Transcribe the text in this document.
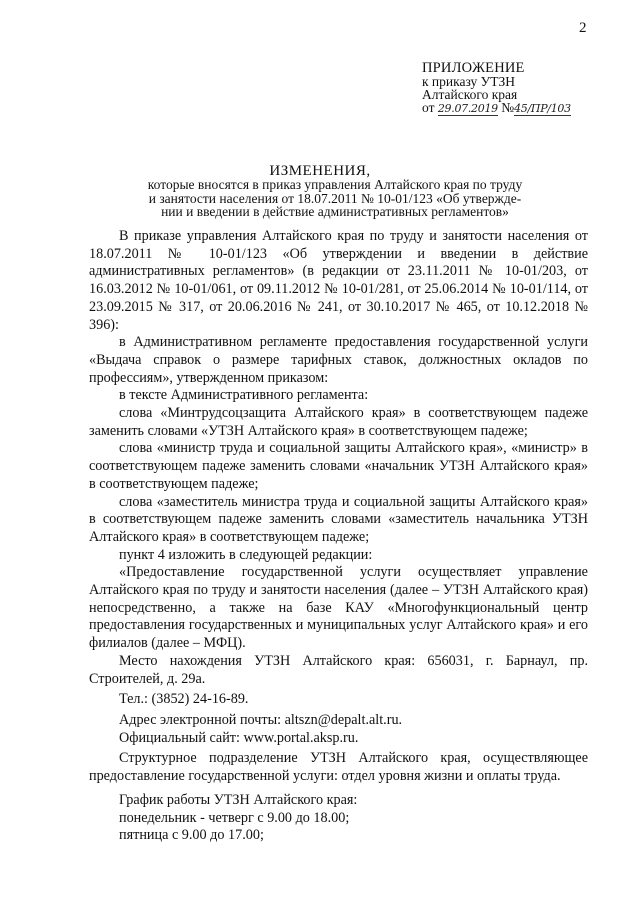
2
ПРИЛОЖЕНИЕ
к приказу УТЗН
Алтайского края
от 29.07.2019 №45/ПР/103
ИЗМЕНЕНИЯ,
которые вносятся в приказ управления Алтайского края по труду
и занятости населения от 18.07.2011 № 10-01/123 «Об утвержде-
нии и введении в действие административных регламентов»

В приказе управления Алтайского края по труду и занятости населения от 18.07.2011 № 10-01/123 «Об утверждении и введении в действие административных регламентов» (в редакции от 23.11.2011 № 10-01/203, от 16.03.2012 № 10-01/061, от 09.11.2012 № 10-01/281, от 25.06.2014 № 10-01/114, от 23.09.2015 № 317, от 20.06.2016 № 241, от 30.10.2017 № 465, от 10.12.2018 № 396):

в Административном регламенте предоставления государственной услуги «Выдача справок о размере тарифных ставок, должностных окладов по профессиям», утвержденном приказом:

в тексте Административного регламента:

слова «Минтрудсоцзащита Алтайского края» в соответствующем падеже заменить словами «УТЗН Алтайского края» в соответствующем падеже;

слова «министр труда и социальной защиты Алтайского края», «министр» в соответствующем падеже заменить словами «начальник УТЗН Алтайского края» в соответствующем падеже;

слова «заместитель министра труда и социальной защиты Алтайского края» в соответствующем падеже заменить словами «заместитель начальника УТЗН Алтайского края» в соответствующем падеже;

пункт 4 изложить в следующей редакции:

«Предоставление государственной услуги осуществляет управление Алтайского края по труду и занятости населения (далее – УТЗН Алтайского края) непосредственно, а также на базе КАУ «Многофункциональный центр предоставления государственных и муниципальных услуг Алтайского края» и его филиалов (далее – МФЦ).

Место нахождения УТЗН Алтайского края: 656031, г. Барнаул, пр. Строителей, д. 29а.

Тел.: (3852) 24-16-89.

Адрес электронной почты: altszn@depalt.alt.ru.

Официальный сайт: www.portal.aksp.ru.

Структурное подразделение УТЗН Алтайского края, осуществляющее предоставление государственной услуги: отдел уровня жизни и оплаты труда.

График работы УТЗН Алтайского края:

понедельник - четверг с 9.00 до 18.00;

пятница с 9.00 до 17.00;
